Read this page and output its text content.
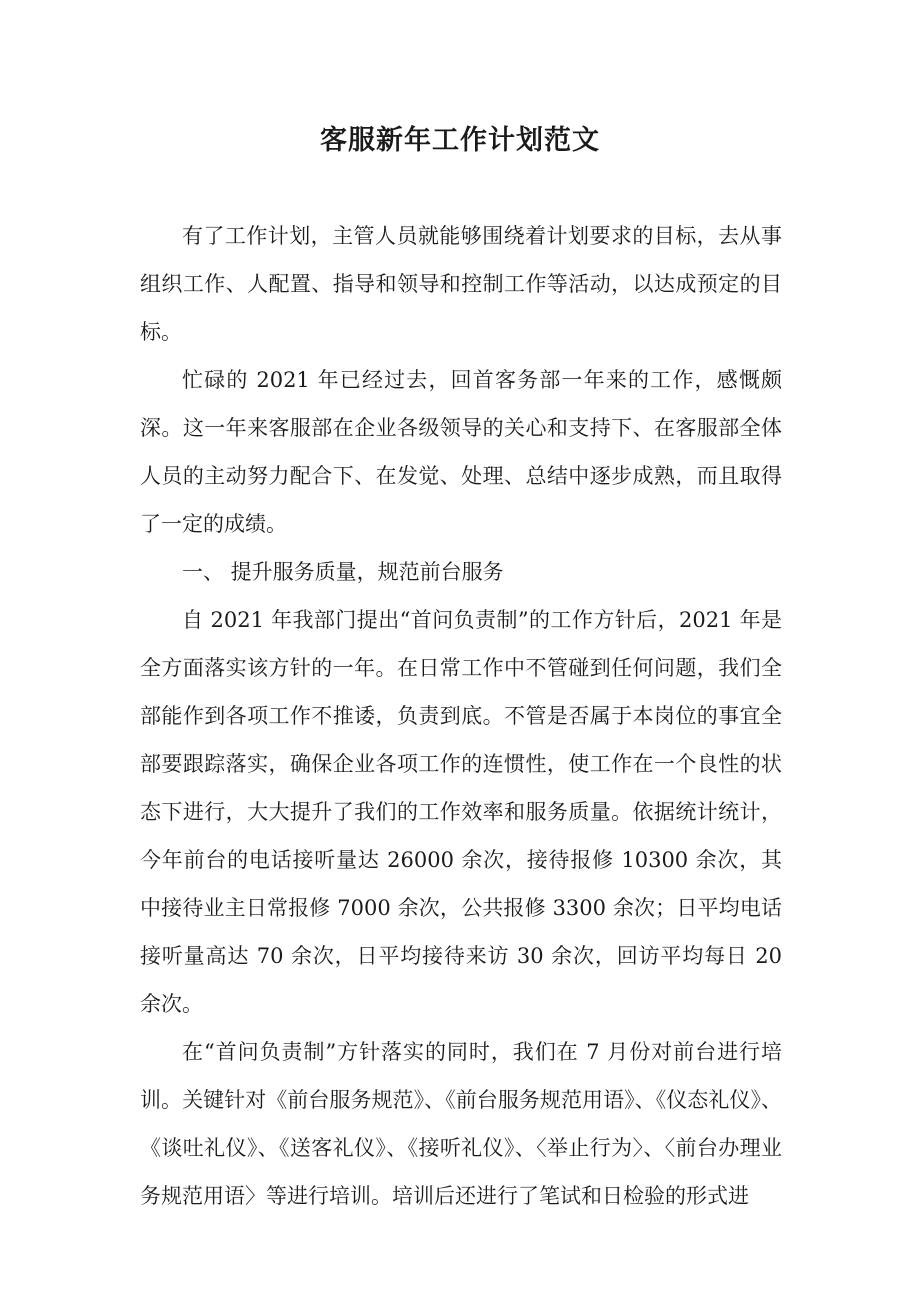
客服新年工作计划范文

有了工作计划，主管人员就能够围绕着计划要求的目标，去从事组织工作、人配置、指导和领导和控制工作等活动，以达成预定的目标。

忙碌的 2021 年已经过去，回首客务部一年来的工作，感慨颇深。这一年来客服部在企业各级领导的关心和支持下、在客服部全体人员的主动努力配合下、在发觉、处理、总结中逐步成熟，而且取得了一定的成绩。

一、 提升服务质量，规范前台服务

自 2021 年我部门提出“首问负责制”的工作方针后，2021 年是全方面落实该方针的一年。在日常工作中不管碰到任何问题，我们全部能作到各项工作不推诿，负责到底。不管是否属于本岗位的事宜全部要跟踪落实，确保企业各项工作的连惯性，使工作在一个良性的状态下进行，大大提升了我们的工作效率和服务质量。依据统计统计，今年前台的电话接听量达 26000 余次，接待报修 10300 余次，其中接待业主日常报修 7000 余次，公共报修 3300 余次；日平均电话接听量高达 70 余次，日平均接待来访 30 余次，回访平均每日 20 余次。

在“首问负责制”方针落实的同时，我们在 7 月份对前台进行培训。关键针对《前台服务规范》、《前台服务规范用语》、《仪态礼仪》、《谈吐礼仪》、《送客礼仪》、《接听礼仪》、〈举止行为〉、〈前台办理业务规范用语〉等进行培训。培训后还进行了笔试和日检验的形式进
